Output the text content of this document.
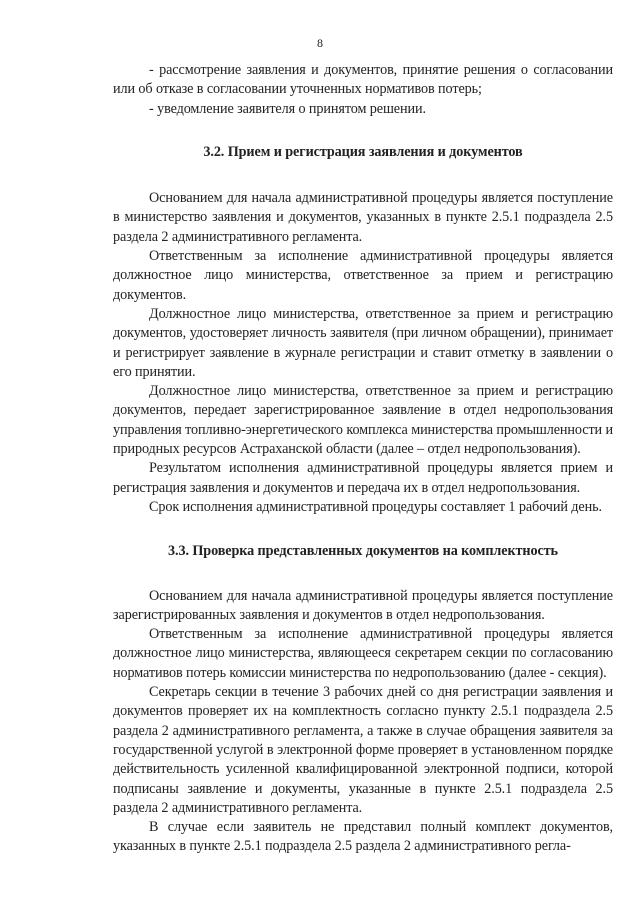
8

- рассмотрение заявления и документов, принятие решения о согласовании или об отказе в согласовании уточненных нормативов потерь;

- уведомление заявителя о принятом решении.

3.2. Прием и регистрация заявления и документов

Основанием для начала административной процедуры является поступление в министерство заявления и документов, указанных в пункте 2.5.1 подраздела 2.5 раздела 2 административного регламента.

Ответственным за исполнение административной процедуры является должностное лицо министерства, ответственное за прием и регистрацию документов.

Должностное лицо министерства, ответственное за прием и регистрацию документов, удостоверяет личность заявителя (при личном обращении), принимает и регистрирует заявление в журнале регистрации и ставит отметку в заявлении о его принятии.

Должностное лицо министерства, ответственное за прием и регистрацию документов, передает зарегистрированное заявление в отдел недропользования управления топливно-энергетического комплекса министерства промышленности и природных ресурсов Астраханской области (далее – отдел недропользования).

Результатом исполнения административной процедуры является прием и регистрация заявления и документов и передача их в отдел недропользования.

Срок исполнения административной процедуры составляет 1 рабочий день.

3.3. Проверка представленных документов на комплектность

Основанием для начала административной процедуры является поступление зарегистрированных заявления и документов в отдел недропользования.

Ответственным за исполнение административной процедуры является должностное лицо министерства, являющееся секретарем секции по согласованию нормативов потерь комиссии министерства по недропользованию (далее - секция).

Секретарь секции в течение 3 рабочих дней со дня регистрации заявления и документов проверяет их на комплектность согласно пункту 2.5.1 подраздела 2.5 раздела 2 административного регламента, а также в случае обращения заявителя за государственной услугой в электронной форме проверяет в установленном порядке действительность усиленной квалифицированной электронной подписи, которой подписаны заявление и документы, указанные в пункте 2.5.1 подраздела 2.5 раздела 2 административного регламента.

В случае если заявитель не представил полный комплект документов, указанных в пункте 2.5.1 подраздела 2.5 раздела 2 административного регла-
